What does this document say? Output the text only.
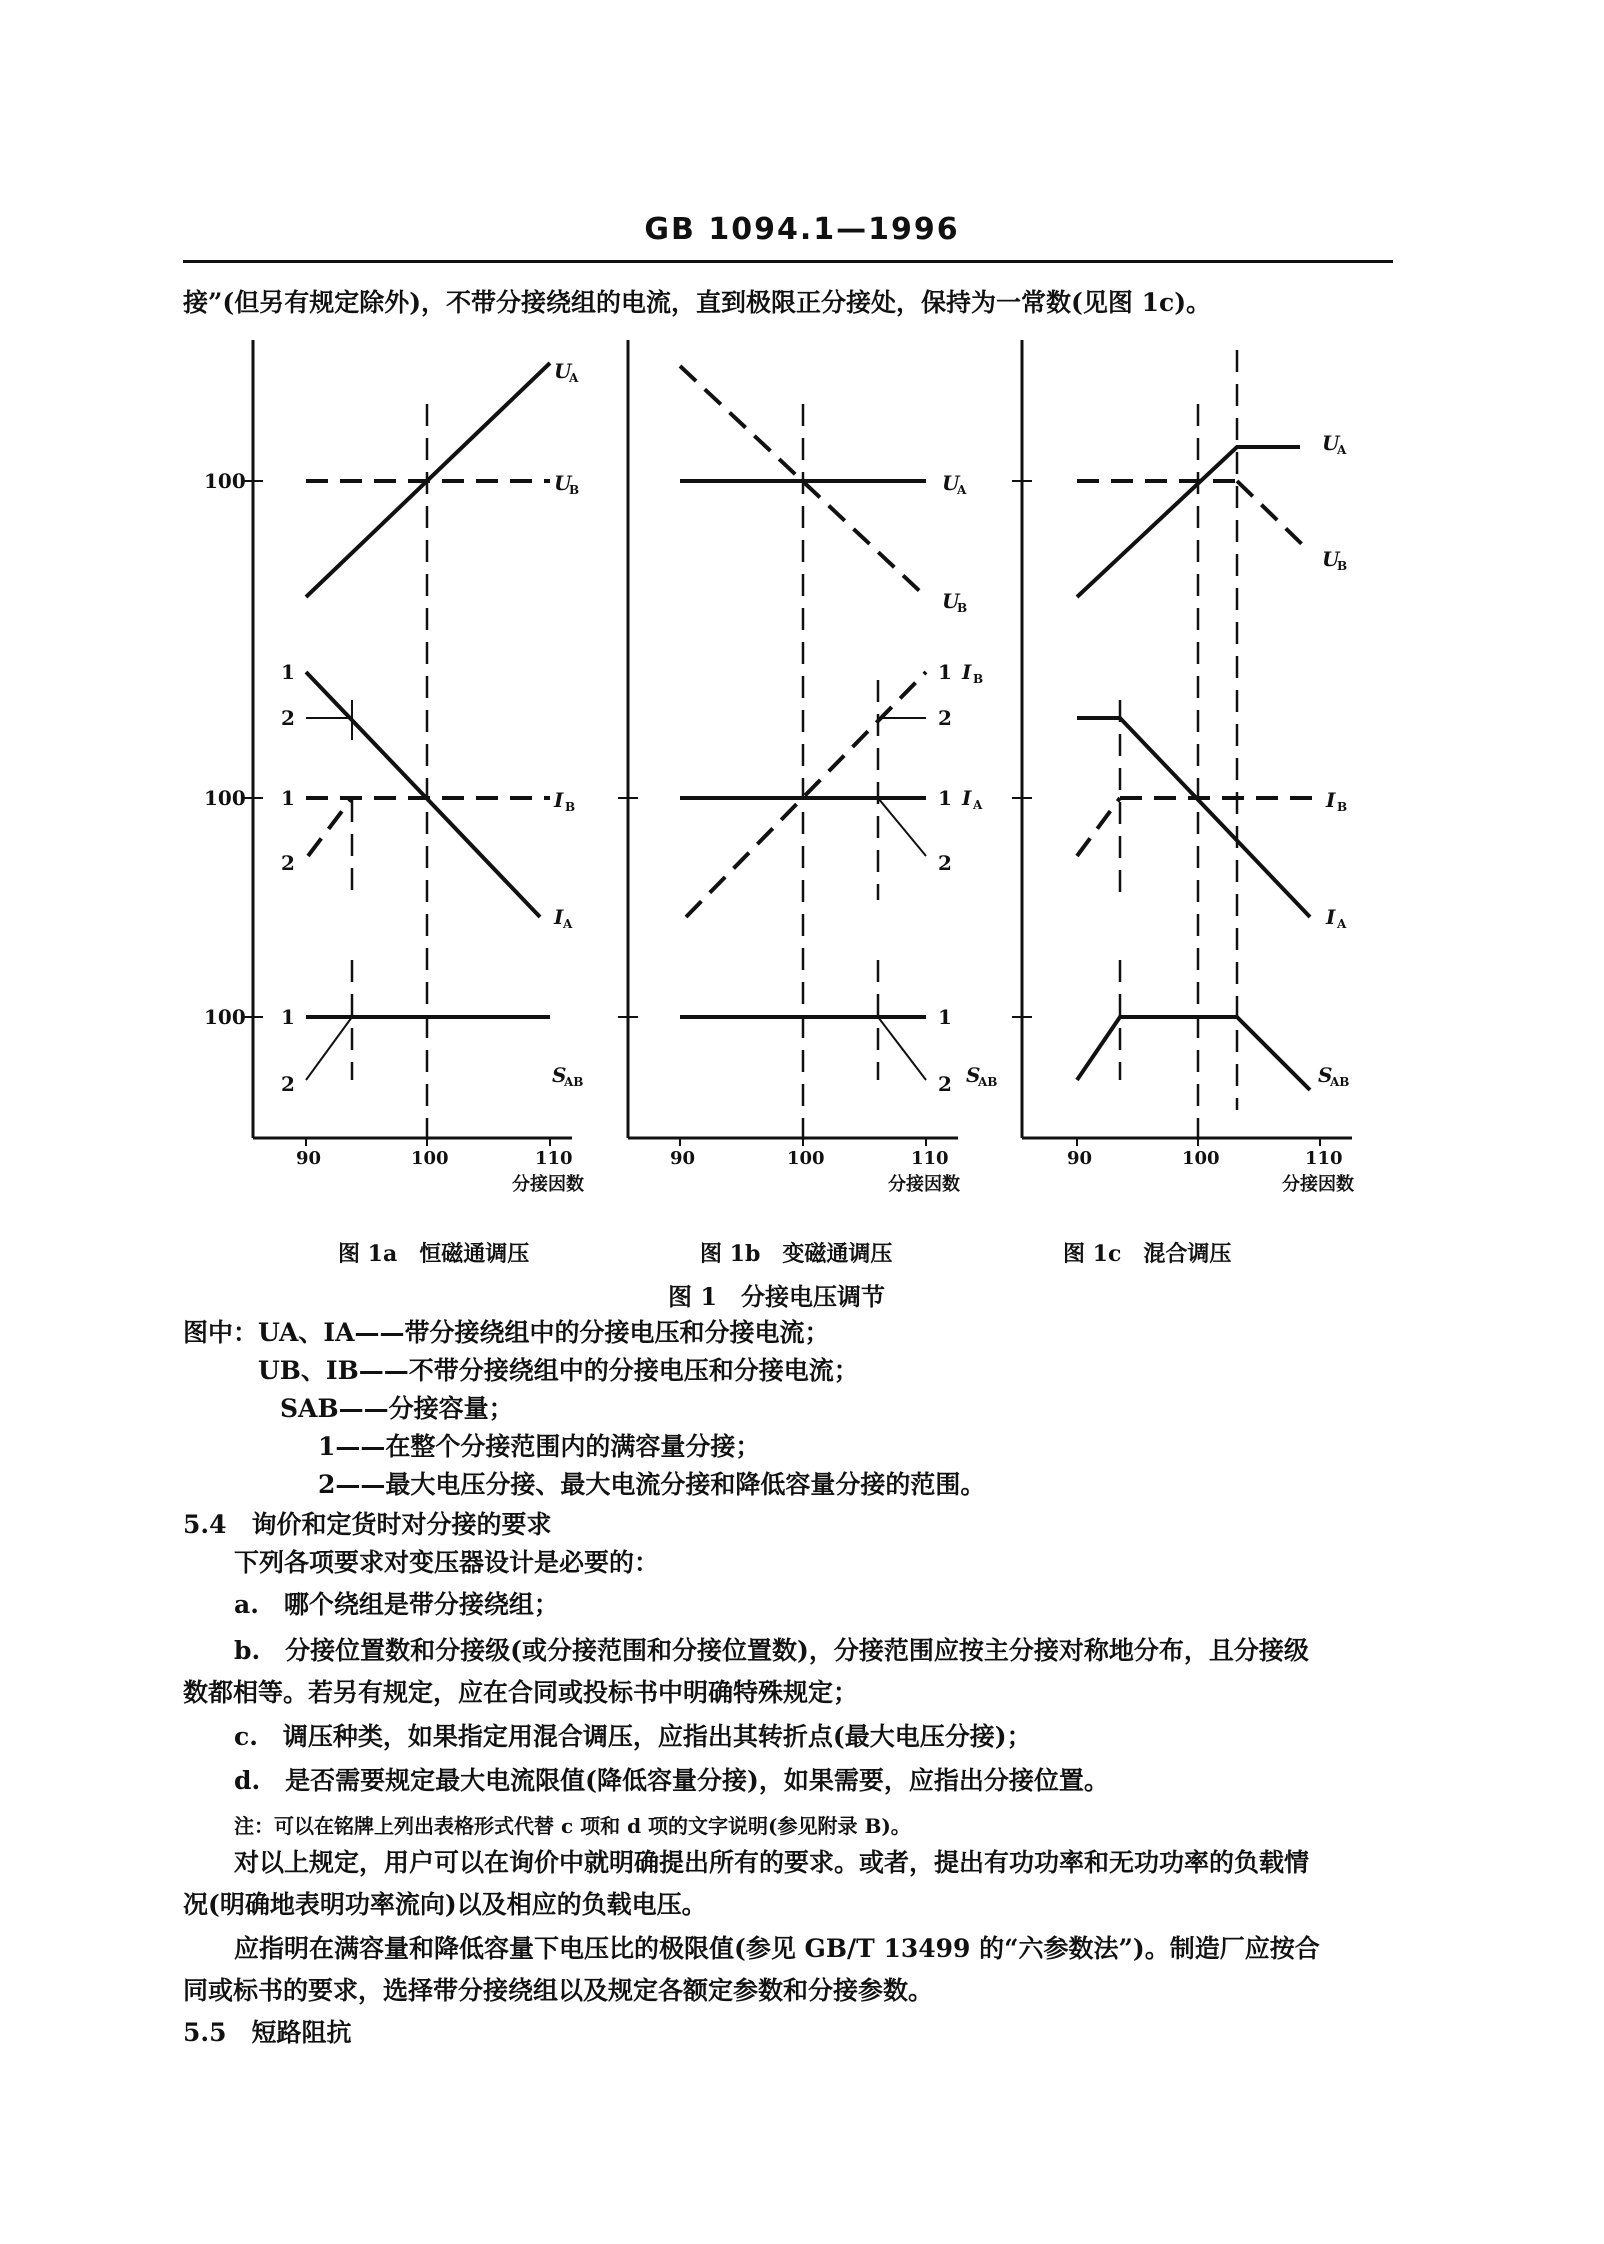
GB 1094.1—1996
接”(但另有规定除外)，不带分接绕组的电流，直到极限正分接处，保持为一常数(见图 1c)。
100
100
100
U
A
U
B
1
2
1
2
I B
I A
1
2	S
AB
90	100	110
分接因数
U
A
U
B
1 I B
2
1 I A
2
1
2 S
AB
90	100	110
分接因数
U
A
U
B
I B
I A
S
AB
90	100	110
分接因数
图 1a　恒磁通调压	图 1b　变磁通调压	图 1c　混合调压
图 1　分接电压调节
图中： UA、IA——带分接绕组中的分接电压和分接电流；
UB、IB——不带分接绕组中的分接电压和分接电流；
SAB——分接容量；
1——在整个分接范围内的满容量分接；
2——最大电压分接、最大电流分接和降低容量分接的范围。
5.4　询价和定货时对分接的要求
下列各项要求对变压器设计是必要的：
a.　哪个绕组是带分接绕组；
b.　分接位置数和分接级(或分接范围和分接位置数)，分接范围应按主分接对称地分布，且分接级
数都相等。若另有规定，应在合同或投标书中明确特殊规定；
c.　调压种类，如果指定用混合调压，应指出其转折点(最大电压分接)；
d.　是否需要规定最大电流限值(降低容量分接)，如果需要，应指出分接位置。
注：可以在铭牌上列出表格形式代替 c 项和 d 项的文字说明(参见附录 B)。
对以上规定，用户可以在询价中就明确提出所有的要求。或者，提出有功功率和无功功率的负载情
况(明确地表明功率流向)以及相应的负载电压。
应指明在满容量和降低容量下电压比的极限值(参见 GB/T 13499 的“六参数法”)。制造厂应按合
同或标书的要求，选择带分接绕组以及规定各额定参数和分接参数。
5.5　短路阻抗
